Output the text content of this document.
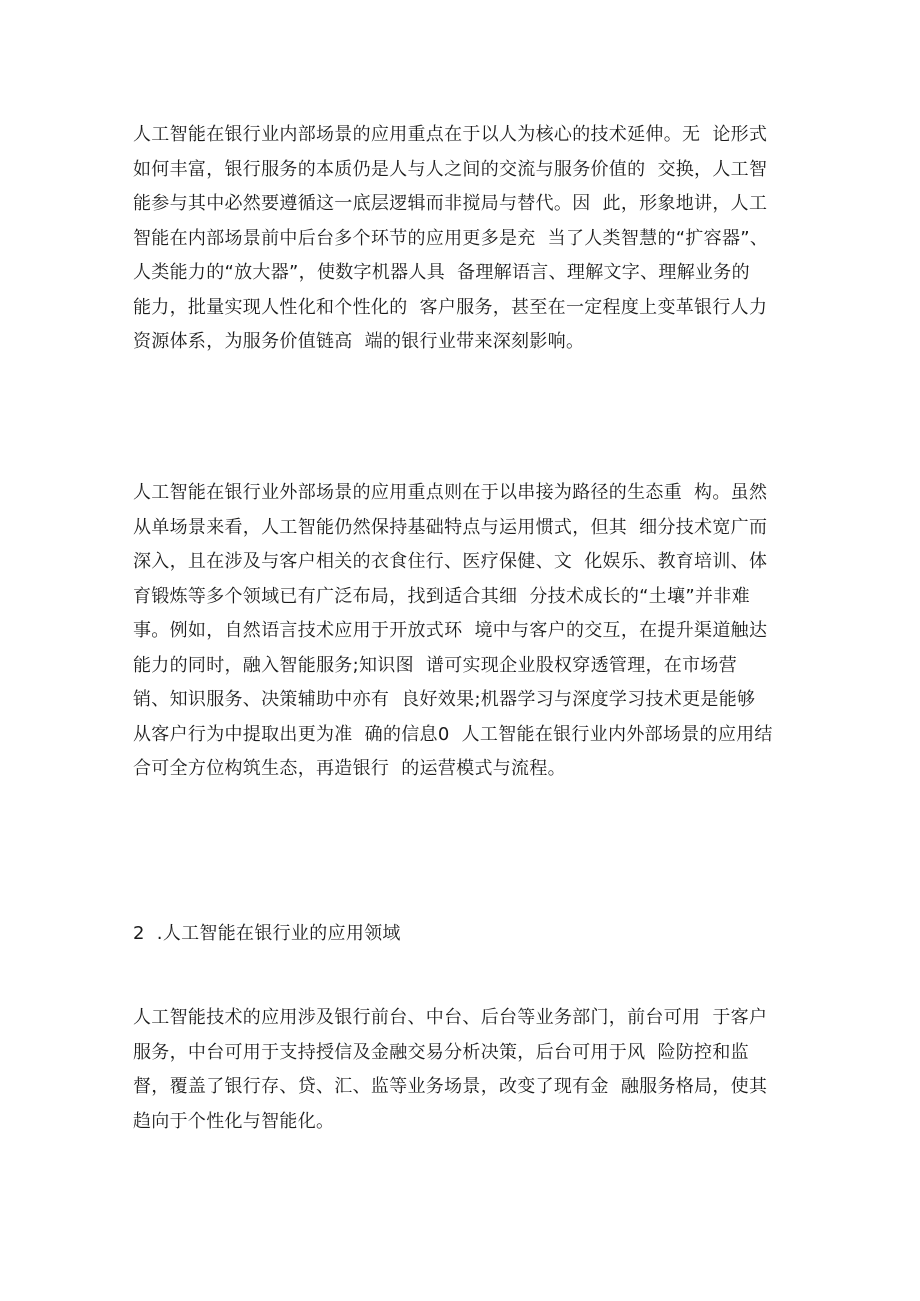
人工智能在银行业内部场景的应用重点在于以人为核心的技术延伸。无  论形式
如何丰富，银行服务的本质仍是人与人之间的交流与服务价值的  交换，人工智
能参与其中必然要遵循这一底层逻辑而非搅局与替代。因  此，形象地讲，人工
智能在内部场景前中后台多个环节的应用更多是充  当了人类智慧的“扩容器”、
人类能力的“放大器”，使数字机器人具  备理解语言、理解文字、理解业务的
能力，批量实现人性化和个性化的  客户服务，甚至在一定程度上变革银行人力
资源体系，为服务价值链高  端的银行业带来深刻影响。
人工智能在银行业外部场景的应用重点则在于以串接为路径的生态重  构。虽然
从单场景来看，人工智能仍然保持基础特点与运用惯式，但其  细分技术宽广而
深入，且在涉及与客户相关的衣食住行、医疗保健、文  化娱乐、教育培训、体
育锻炼等多个领域已有广泛布局，找到适合其细  分技术成长的“土壤”并非难
事。例如，自然语言技术应用于开放式环  境中与客户的交互，在提升渠道触达
能力的同时，融入智能服务;知识图  谱可实现企业股权穿透管理，在市场营
销、知识服务、决策辅助中亦有  良好效果;机器学习与深度学习技术更是能够
从客户行为中提取出更为准  确的信息0  人工智能在银行业内外部场景的应用结
合可全方位构筑生态，再造银行  的运营模式与流程。
2  .人工智能在银行业的应用领域
人工智能技术的应用涉及银行前台、中台、后台等业务部门，前台可用  于客户
服务，中台可用于支持授信及金融交易分析决策，后台可用于风  险防控和监
督，覆盖了银行存、贷、汇、监等业务场景，改变了现有金  融服务格局，使其
趋向于个性化与智能化。
